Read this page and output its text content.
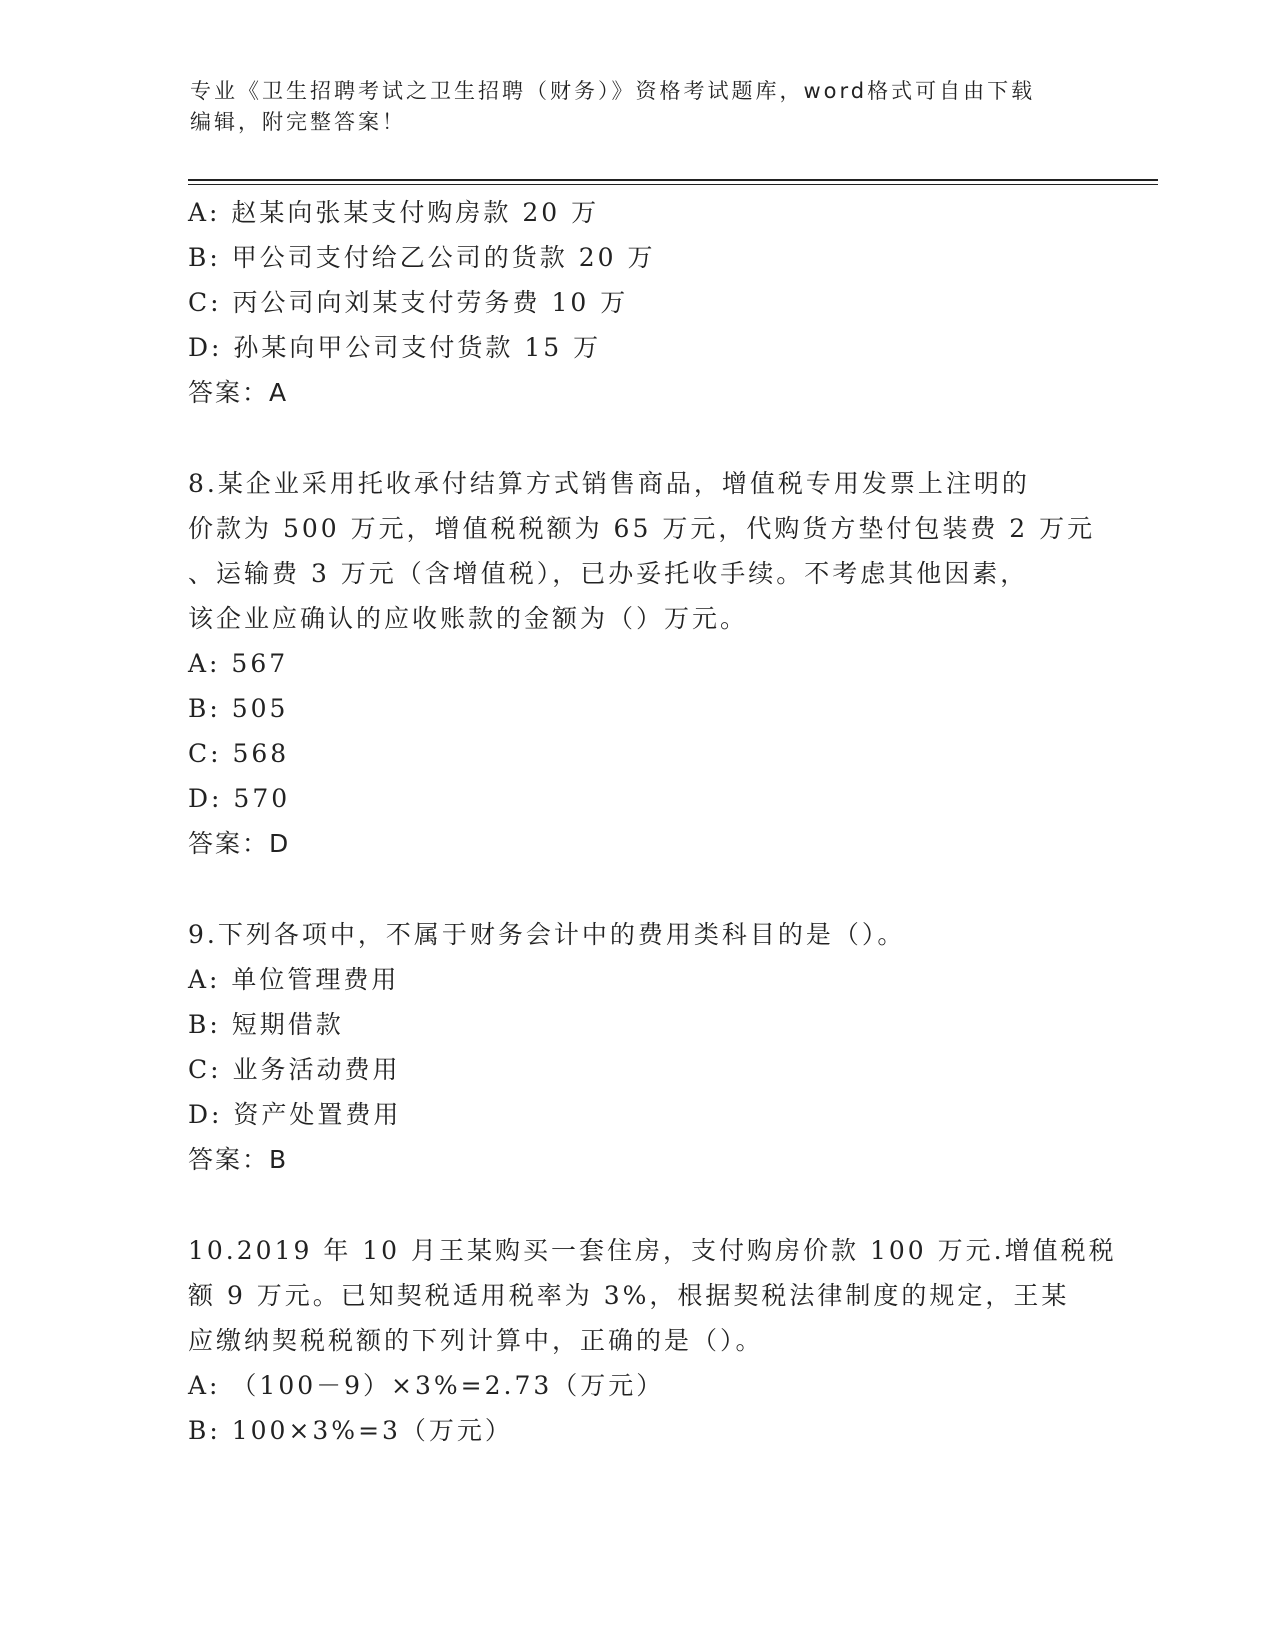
专业《卫生招聘考试之卫生招聘（财务）》资格考试题库，word格式可自由下载
编辑，附完整答案！
A: 赵某向张某支付购房款 20 万
B: 甲公司支付给乙公司的货款 20 万
C: 丙公司向刘某支付劳务费 10 万
D: 孙某向甲公司支付货款 15 万
答案：A
8.某企业采用托收承付结算方式销售商品，增值税专用发票上注明的
价款为 500 万元，增值税税额为 65 万元，代购货方垫付包装费 2 万元
、运输费 3 万元（含增值税），已办妥托收手续。不考虑其他因素，
该企业应确认的应收账款的金额为（）万元。
A: 567
B: 505
C: 568
D: 570
答案：D
9.下列各项中，不属于财务会计中的费用类科目的是（）。
A: 单位管理费用
B: 短期借款
C: 业务活动费用
D: 资产处置费用
答案：B
10.2019 年 10 月王某购买一套住房，支付购房价款 100 万元.增值税税
额 9 万元。已知契税适用税率为 3%，根据契税法律制度的规定，王某
应缴纳契税税额的下列计算中，正确的是（）。
A: （100－9）×3%=2.73（万元）
B: 100×3%=3（万元）
